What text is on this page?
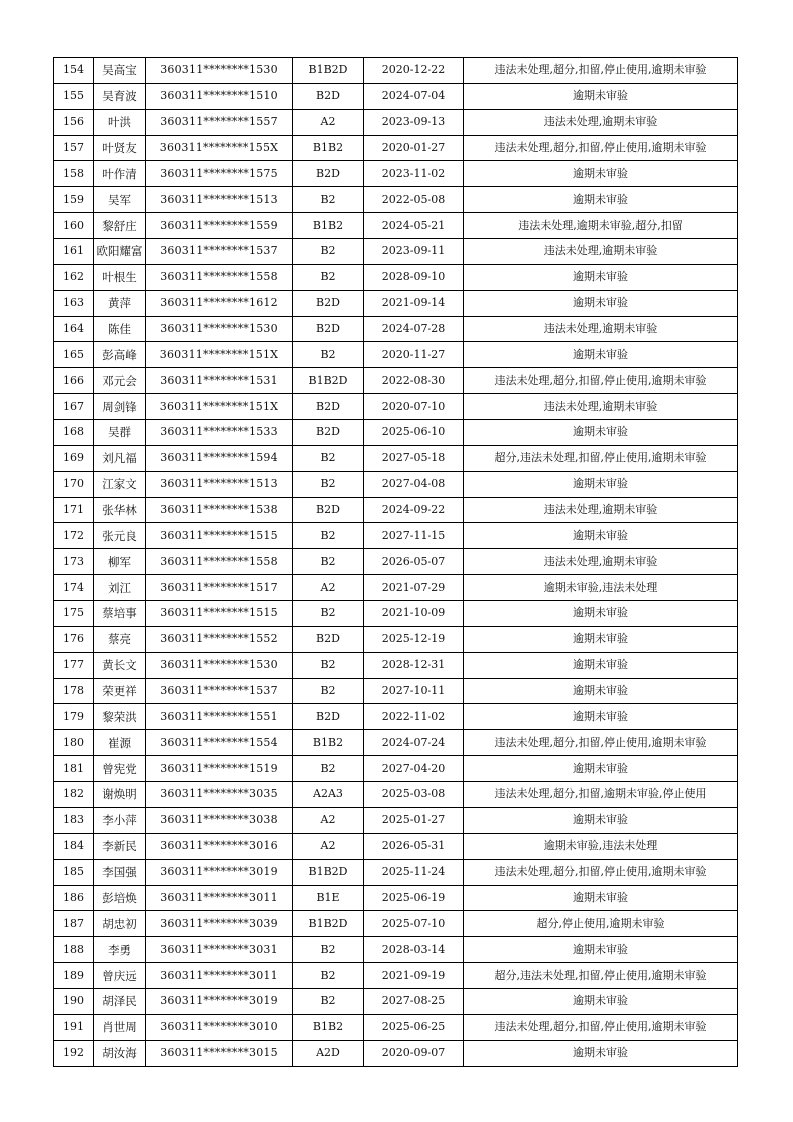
154	吴高宝	360311********1530	B1B2D	2020-12-22	违法未处理,超分,扣留,停止使用,逾期未审验
155	吴育波	360311********1510	B2D	2024-07-04	逾期未审验
156	叶洪	360311********1557	A2	2023-09-13	违法未处理,逾期未审验
157	叶贤友	360311********155X	B1B2	2020-01-27	违法未处理,超分,扣留,停止使用,逾期未审验
158	叶作清	360311********1575	B2D	2023-11-02	逾期未审验
159	吴军	360311********1513	B2	2022-05-08	逾期未审验
160	黎舒庄	360311********1559	B1B2	2024-05-21	违法未处理,逾期未审验,超分,扣留
161	欧阳耀富	360311********1537	B2	2023-09-11	违法未处理,逾期未审验
162	叶根生	360311********1558	B2	2028-09-10	逾期未审验
163	黄萍	360311********1612	B2D	2021-09-14	逾期未审验
164	陈佳	360311********1530	B2D	2024-07-28	违法未处理,逾期未审验
165	彭高峰	360311********151X	B2	2020-11-27	逾期未审验
166	邓元会	360311********1531	B1B2D	2022-08-30	违法未处理,超分,扣留,停止使用,逾期未审验
167	周剑锋	360311********151X	B2D	2020-07-10	违法未处理,逾期未审验
168	吴群	360311********1533	B2D	2025-06-10	逾期未审验
169	刘凡福	360311********1594	B2	2027-05-18	超分,违法未处理,扣留,停止使用,逾期未审验
170	江家文	360311********1513	B2	2027-04-08	逾期未审验
171	张华林	360311********1538	B2D	2024-09-22	违法未处理,逾期未审验
172	张元良	360311********1515	B2	2027-11-15	逾期未审验
173	柳军	360311********1558	B2	2026-05-07	违法未处理,逾期未审验
174	刘江	360311********1517	A2	2021-07-29	逾期未审验,违法未处理
175	蔡培事	360311********1515	B2	2021-10-09	逾期未审验
176	蔡亮	360311********1552	B2D	2025-12-19	逾期未审验
177	黄长文	360311********1530	B2	2028-12-31	逾期未审验
178	荣更祥	360311********1537	B2	2027-10-11	逾期未审验
179	黎荣洪	360311********1551	B2D	2022-11-02	逾期未审验
180	崔源	360311********1554	B1B2	2024-07-24	违法未处理,超分,扣留,停止使用,逾期未审验
181	曾宪党	360311********1519	B2	2027-04-20	逾期未审验
182	谢焕明	360311********3035	A2A3	2025-03-08	违法未处理,超分,扣留,逾期未审验,停止使用
183	李小萍	360311********3038	A2	2025-01-27	逾期未审验
184	李新民	360311********3016	A2	2026-05-31	逾期未审验,违法未处理
185	李国强	360311********3019	B1B2D	2025-11-24	违法未处理,超分,扣留,停止使用,逾期未审验
186	彭培焕	360311********3011	B1E	2025-06-19	逾期未审验
187	胡忠初	360311********3039	B1B2D	2025-07-10	超分,停止使用,逾期未审验
188	李勇	360311********3031	B2	2028-03-14	逾期未审验
189	曾庆远	360311********3011	B2	2021-09-19	超分,违法未处理,扣留,停止使用,逾期未审验
190	胡泽民	360311********3019	B2	2027-08-25	逾期未审验
191	肖世周	360311********3010	B1B2	2025-06-25	违法未处理,超分,扣留,停止使用,逾期未审验
192	胡汝海	360311********3015	A2D	2020-09-07	逾期未审验
